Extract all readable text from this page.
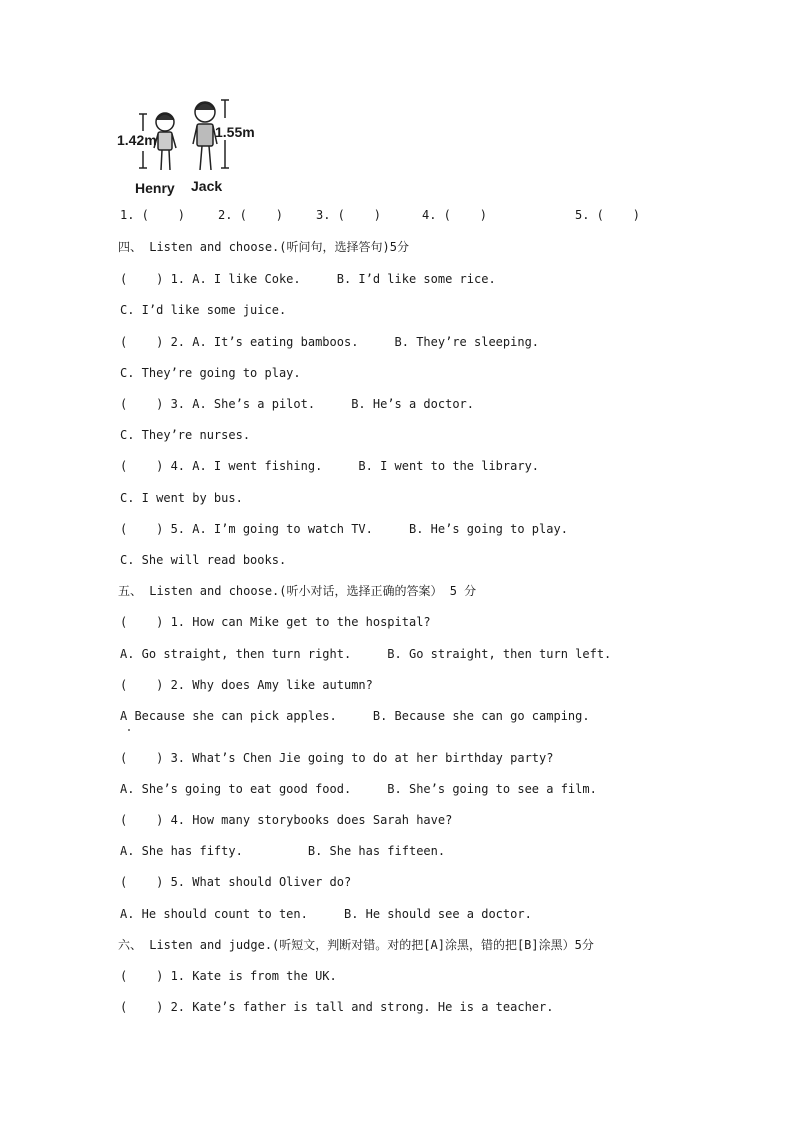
1.42m	1.55m
Henry Jack
1. (    )	2. (    )	3. (    )	4. (    )	5. (    )
四、 Listen and choose.(听问句，选择答句)5分
(    ) 1. A. I like Coke.     B. I’d like some rice.
C. I’d like some juice.
(    ) 2. A. It’s eating bamboos.     B. They’re sleeping.
C. They’re going to play.
(    ) 3. A. She’s a pilot.     B. He’s a doctor.
C. They’re nurses.
(    ) 4. A. I went fishing.     B. I went to the library.
C. I went by bus.
(    ) 5. A. I’m going to watch TV.     B. He’s going to play.
C. She will read books.
五、 Listen and choose.(听小对话，选择正确的答案） 5 分
(    ) 1. How can Mike get to the hospital?
A. Go straight, then turn right.     B. Go straight, then turn left.
(    ) 2. Why does Amy like autumn?
A Because she can pick apples.     B. Because she can go camping.
(    ) 3. What’s Chen Jie going to do at her birthday party?
A. She’s going to eat good food.     B. She’s going to see a film.
(    ) 4. How many storybooks does Sarah have?
A. She has fifty.         B. She has fifteen.
(    ) 5. What should Oliver do?
A. He should count to ten.     B. He should see a doctor.
六、 Listen and judge.(听短文，判断对错。对的把[A]涂黑，错的把[B]涂黑）5分
(    ) 1. Kate is from the UK.
(    ) 2. Kate’s father is tall and strong. He is a teacher.
